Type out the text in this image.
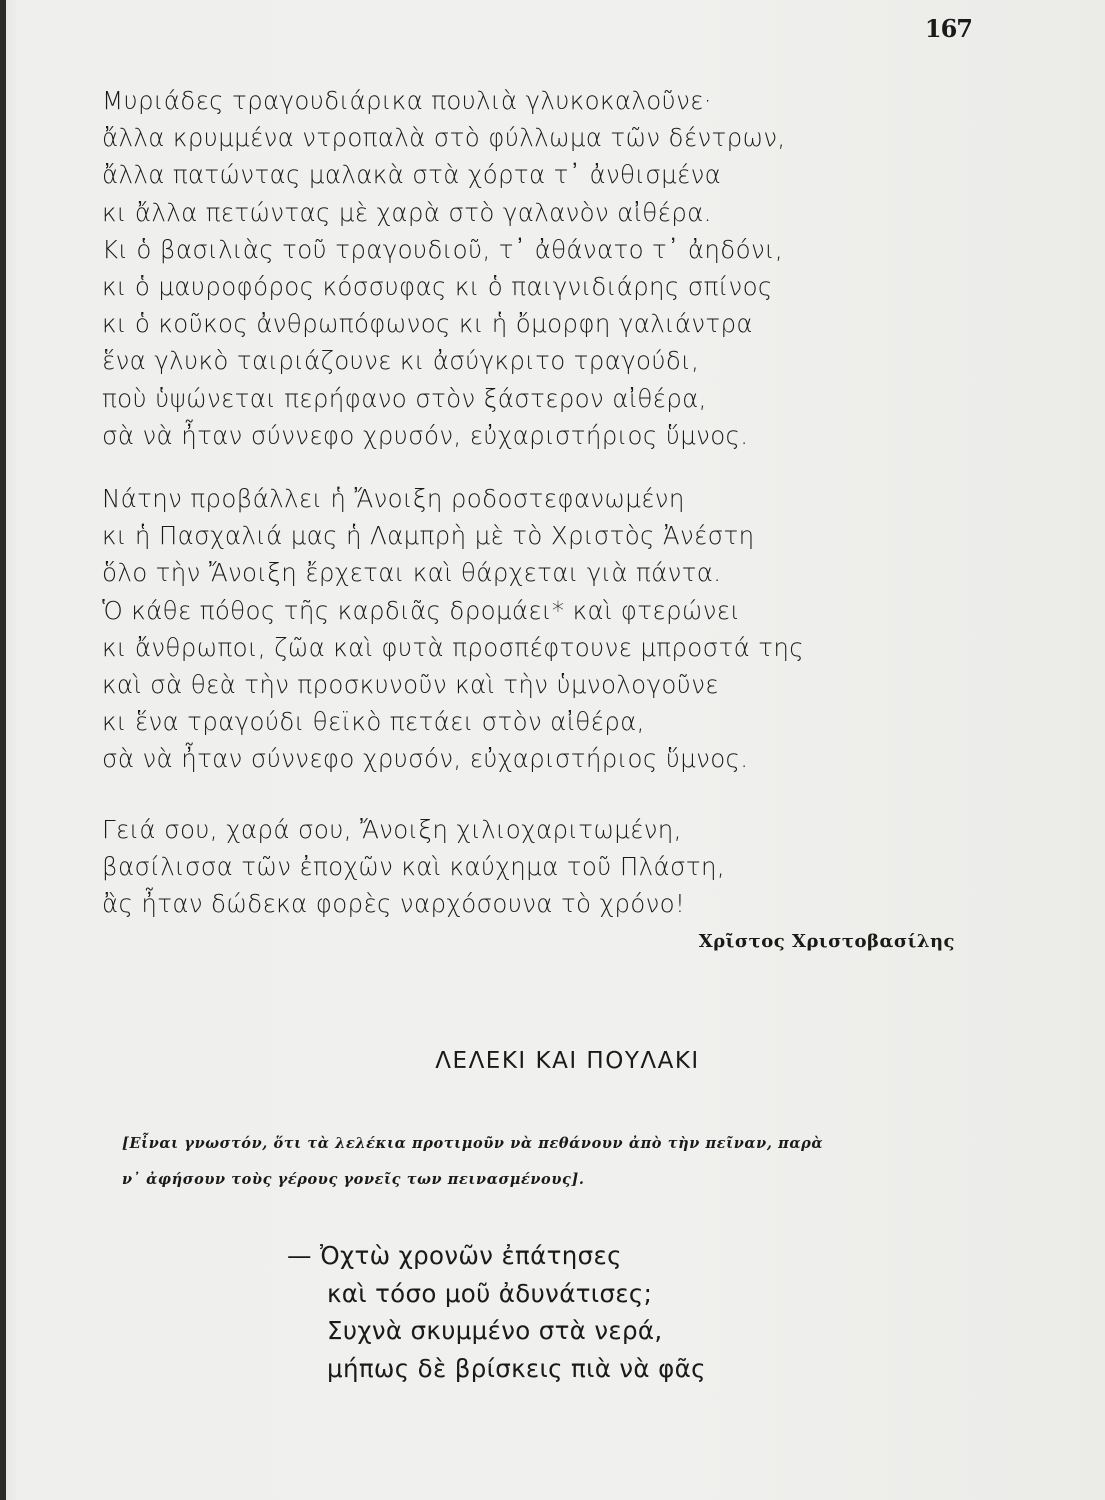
167
Μυριάδες τραγουδιάρικα πουλιὰ γλυκοκαλοῦνε·
ἄλλα κρυμμένα ντροπαλὰ στὸ φύλλωμα τῶν δέντρων,
ἄλλα πατώντας μαλακὰ στὰ χόρτα τ᾽ ἀνθισμένα
κι ἄλλα πετώντας μὲ χαρὰ στὸ γαλανὸν αἰθέρα.
Κι ὁ βασιλιὰς τοῦ τραγουδιοῦ, τ᾽ ἀθάνατο τ᾽ ἀηδόνι,
κι ὁ μαυροφόρος κόσσυφας κι ὁ παιγνιδιάρης σπίνος
κι ὁ κοῦκος ἀνθρωπόφωνος κι ἡ ὄμορφη γαλιάντρα
ἕνα γλυκὸ ταιριάζουνε κι ἀσύγκριτο τραγούδι,
ποὺ ὑψώνεται περήφανο στὸν ξάστερον αἰθέρα,
σὰ νὰ ἦταν σύννεφο χρυσόν, εὐχαριστήριος ὕμνος.
Νάτην προβάλλει ἡ Ἄνοιξη ροδοστεφανωμένη
κι ἡ Πασχαλιά μας ἡ Λαμπρὴ μὲ τὸ Χριστὸς Ἀνέστη
ὅλο τὴν Ἄνοιξη ἔρχεται καὶ θάρχεται γιὰ πάντα.
Ὁ κάθε πόθος τῆς καρδιᾶς δρομάει* καὶ φτερώνει
κι ἄνθρωποι, ζῶα καὶ φυτὰ προσπέφτουνε μπροστά της
καὶ σὰ θεὰ τὴν προσκυνοῦν καὶ τὴν ὑμνολογοῦνε
κι ἕνα τραγούδι θεϊκὸ πετάει στὸν αἰθέρα,
σὰ νὰ ἦταν σύννεφο χρυσόν, εὐχαριστήριος ὕμνος.
Γειά σου, χαρά σου, Ἄνοιξη χιλιοχαριτωμένη,
βασίλισσα τῶν ἐποχῶν καὶ καύχημα τοῦ Πλάστη,
ἂς ἦταν δώδεκα φορὲς ναρχόσουνα τὸ χρόνο!
Χρῖστος Χριστοβασίλης
ΛΕΛΕΚΙ ΚΑΙ ΠΟΥΛΑΚΙ
[Εἶναι γνωστόν, ὅτι τὰ λελέκια προτιμοῦν νὰ πεθάνουν ἀπὸ τὴν πεῖναν, παρὰ
ν᾽ ἀφήσουν τοὺς γέρους γονεῖς των πεινασμένους].
— Ὀχτὼ χρονῶν ἐπάτησες
καὶ τόσο μοῦ ἀδυνάτισες;
Συχνὰ σκυμμένο στὰ νερά,
μήπως δὲ βρίσκεις πιὰ νὰ φᾶς
